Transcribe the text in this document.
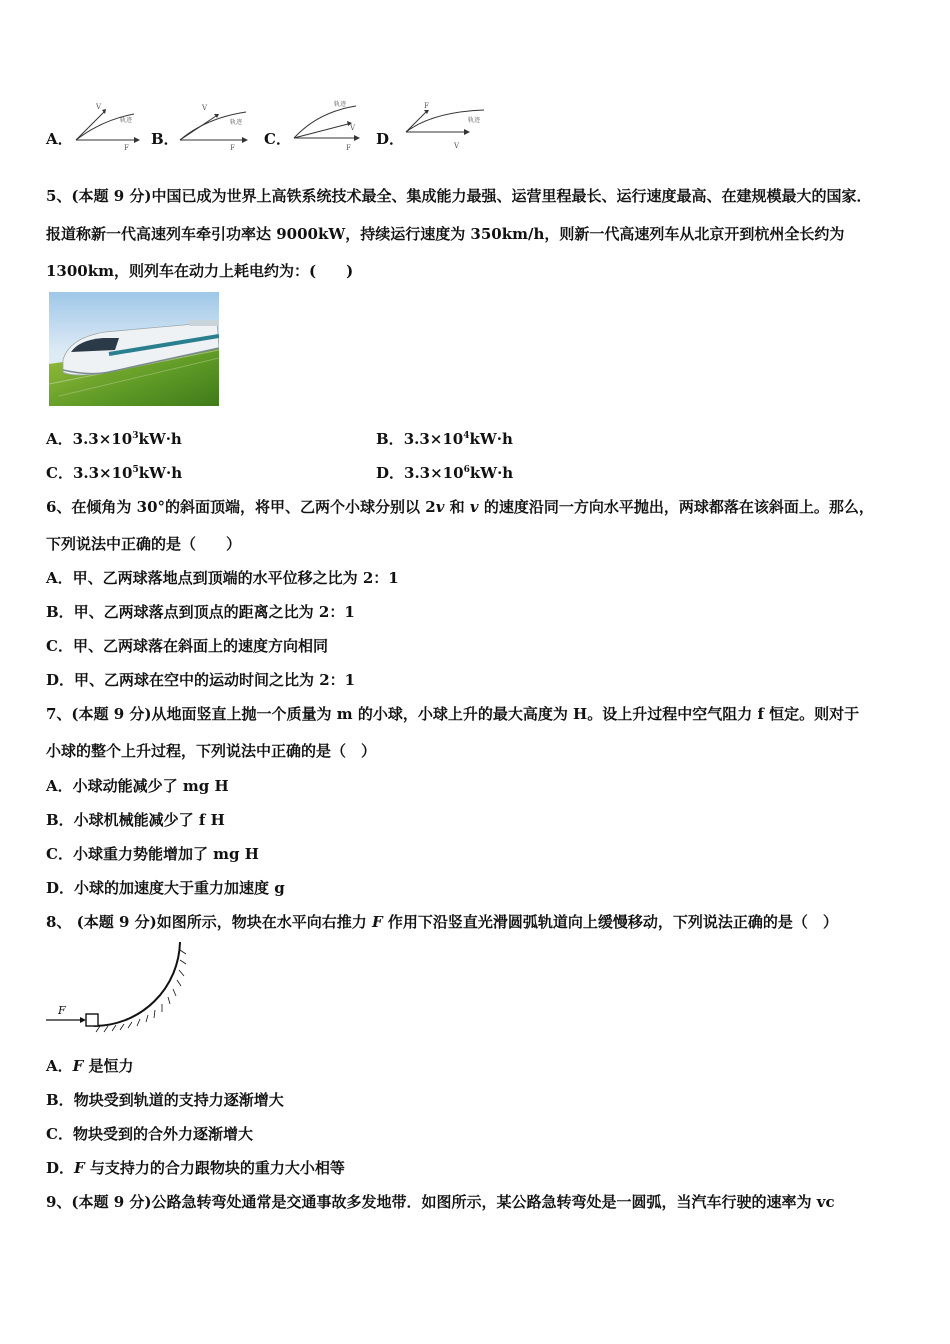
A．
V
轨迹
F B．
V
轨迹
F C．
轨迹
V
F D．
F
轨迹
V
5、(本题 9 分)中国已成为世界上高铁系统技术最全、集成能力最强、运营里程最长、运行速度最高、在建规模最大的国家．
报道称新一代高速列车牵引功率达 9000kW，持续运行速度为 350km/h，则新一代高速列车从北京开到杭州全长约为
1300km，则列车在动力上耗电约为：(　　)
A．$3.3\times 10^3kW\cdot h$	B．$3.3\times 10^4kW\cdot h$
C．$3.3\times 10^5kW\cdot h$	D．$3.3\times 10^6kW\cdot h$
6、在倾角为 30°的斜面顶端，将甲、乙两个小球分别以 2v 和 v 的速度沿同一方向水平抛出，两球都落在该斜面上。那么，
下列说法中正确的是（　　）
A．甲、乙两球落地点到顶端的水平位移之比为 2：1
B．甲、乙两球落点到顶点的距离之比为 2：1
C．甲、乙两球落在斜面上的速度方向相同
D．甲、乙两球在空中的运动时间之比为 2：1
7、(本题 9 分)从地面竖直上抛一个质量为 m 的小球，小球上升的最大高度为 H。设上升过程中空气阻力 f 恒定。则对于
小球的整个上升过程，下列说法中正确的是（　）
A．小球动能减少了 mg H
B．小球机械能减少了 f H
C．小球重力势能增加了 mg H
D．小球的加速度大于重力加速度 g
8、 (本题 9 分)如图所示，物块在水平向右推力 F 作用下沿竖直光滑圆弧轨道向上缓慢移动，下列说法正确的是（　）
F
A．F 是恒力
B．物块受到轨道的支持力逐渐增大
C．物块受到的合外力逐渐增大
D．F 与支持力的合力跟物块的重力大小相等
9、(本题 9 分)公路急转弯处通常是交通事故多发地带．如图所示，某公路急转弯处是一圆弧，当汽车行驶的速率为 vc
